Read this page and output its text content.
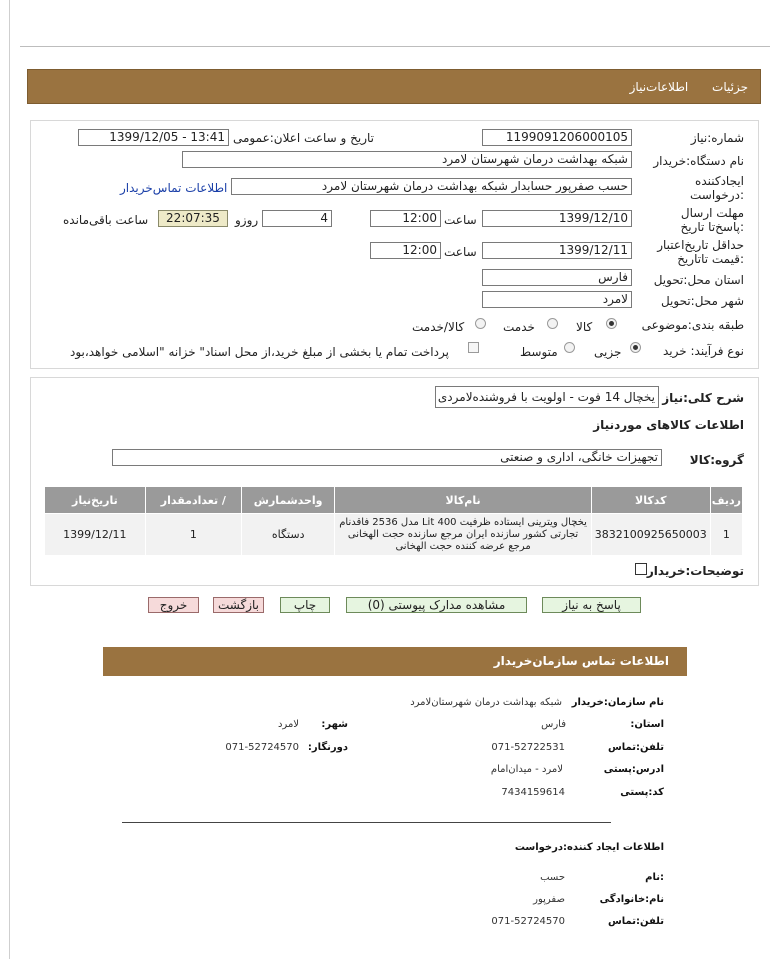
جزئیات اطلاعات‌نیاز
شماره:نیاز
1199091206000105
تاریخ و ساعت اعلان:عمومی
1399/12/05 - 13:41
نام دستگاه:خریدار
شبکه بهداشت درمان شهرستان لامرد
ایجادکننده :درخواست
حسب صفرپور حسابدار شبکه بهداشت درمان شهرستان لامرد
اطلاعات تماس‌خریدار
مهلت ارسال :پاسخ‌تا تاریخ
1399/12/10
ساعت
12:00
4
روزو
22:07:35
ساعت باقی‌مانده
حداقل تاریخ‌اعتبار :قیمت تا‌تاریخ
1399/12/11
ساعت
12:00
استان محل:تحویل
فارس
شهر محل:تحویل
لامرد
طبقه بندی:موضوعی
کالا
خدمت
کالا/خدمت
نوع فرآیند: خرید
جزیی
متوسط
پرداخت تمام یا بخشی از مبلغ خرید،از محل اسناد" خزانه "اسلامی خواهد،بود
شرح کلی:نیاز
یخچال 14 فوت - اولویت با فروشنده‌لامردی
اطلاعات کالاهای موردنیاز
گروه:کالا
تجهیزات خانگی، اداری و صنعتی
ردیف	کدکالا	نام‌کالا	واحدشمارش	/ تعدادمقدار	تاریخ‌نیاز
1	3832100925650003	یخچال ویترینی ایستاده ظرفیت 400 Lit مدل 2536 فاقدنام تجارتی کشور سازنده ایران مرجع سازنده حجت الهخانی مرجع عرضه کننده حجت الهخانی	دستگاه	1	1399/12/11
توضیحات:خریدار
پاسخ به نیاز
مشاهده مدارک پیوستی (0)
چاپ
بازگشت
خروج
اطلاعات تماس سازمان‌خریدار
نام سازمان:خریدار
شبکه بهداشت درمان شهرستان‌لامرد
:استان
فارس
:شهر
لامرد
تلفن:تماس
071-52722531
:دورنگار
071-52724570
ادرس:پستی
لامرد - میدان‌امام
کد:پستی
7434159614
اطلاعات ایجاد کننده:درخواست
نام:
حسب
نام:خانوادگی
صفرپور
تلفن:تماس
071-52724570
